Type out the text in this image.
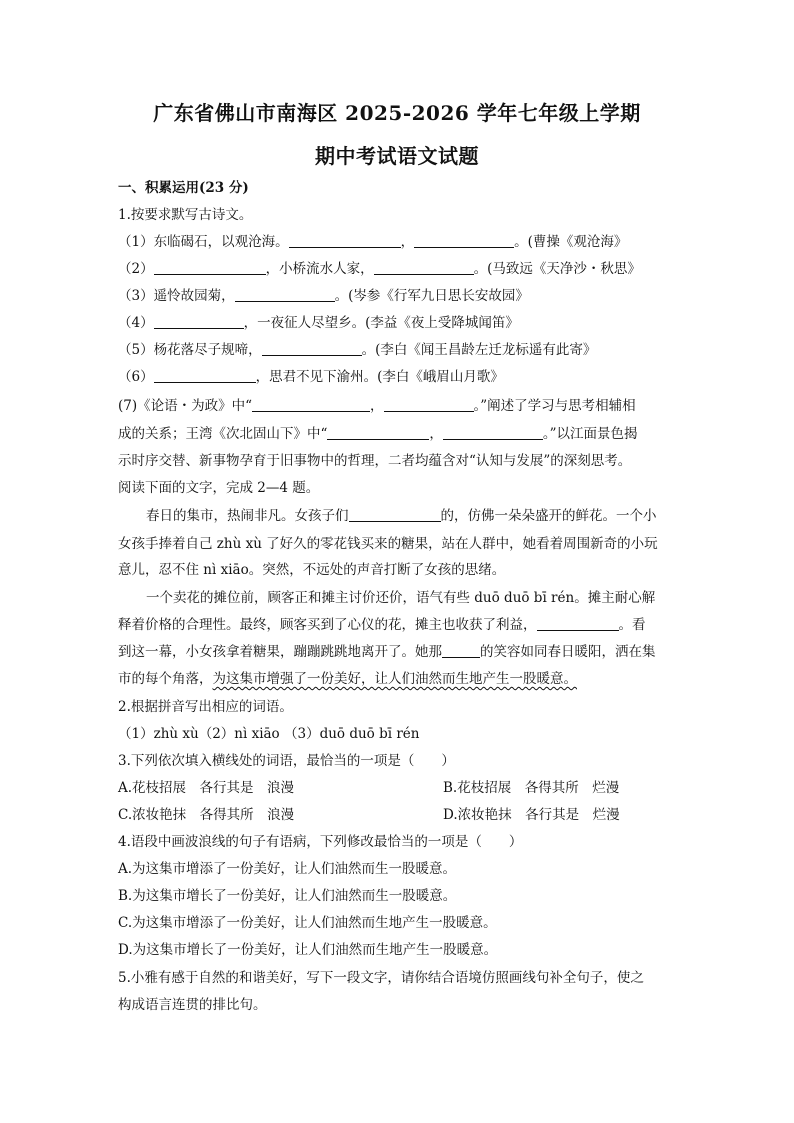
广东省佛山市南海区 2025-2026 学年七年级上学期
期中考试语文试题
一、积累运用(23 分)
1.按要求默写古诗文。
（1）东临碣石，以观沧海。	，	。(曹操《观沧海》
（2）	，小桥流水人家，	。(马致远《天净沙・秋思》
（3）遥怜故园菊，	。(岑参《行军九日思长安故园》
（4）	，一夜征人尽望乡。(李益《夜上受降城闻笛》
（5）杨花落尽子规啼，	。(李白《闻王昌龄左迁龙标遥有此寄》
（6）	，思君不见下渝州。(李白《峨眉山月歌》
(7)《论语・为政》中“	，	。”阐述了学习与思考相辅相
成的关系；王湾《次北固山下》中“	，	。”以江面景色揭
示时序交替、新事物孕育于旧事物中的哲理，二者均蕴含对“认知与发展”的深刻思考。
阅读下面的文字，完成 2—4 题。
春日的集市，热闹非凡。女孩子们	的，仿佛一朵朵盛开的鲜花。一个小
女孩手捧着自己 zhù xù 了好久的零花钱买来的糖果，站在人群中，她看着周围新奇的小玩
意儿，忍不住 nì xiāo。突然，不远处的声音打断了女孩的思绪。
一个卖花的摊位前，顾客正和摊主讨价还价，语气有些 duō duō bī rén。摊主耐心解
释着价格的合理性。最终，顾客买到了心仪的花，摊主也收获了利益，	。看
到这一幕，小女孩拿着糖果，蹦蹦跳跳地离开了。她那	的笑容如同春日暖阳，洒在集
市的每个角落，为这集市增强了一份美好，让人们油然而生地产生一股暖意。
2.根据拼音写出相应的词语。
（1）zhù xù（2）nì xiāo （3）duō duō bī rén
3.下列依次填入横线处的词语，最恰当的一项是（　　）
A.花枝招展　各行其是　浪漫	B.花枝招展　各得其所　烂漫
C.浓妆艳抹　各得其所　浪漫	D.浓妆艳抹　各行其是　烂漫
4.语段中画波浪线的句子有语病，下列修改最恰当的一项是（　　）
A.为这集市增添了一份美好，让人们油然而生一股暖意。
B.为这集市增长了一份美好，让人们油然而生一股暖意。
C.为这集市增添了一份美好，让人们油然而生地产生一股暖意。
D.为这集市增长了一份美好，让人们油然而生地产生一股暖意。
5.小雅有感于自然的和谐美好，写下一段文字，请你结合语境仿照画线句补全句子，使之
构成语言连贯的排比句。
